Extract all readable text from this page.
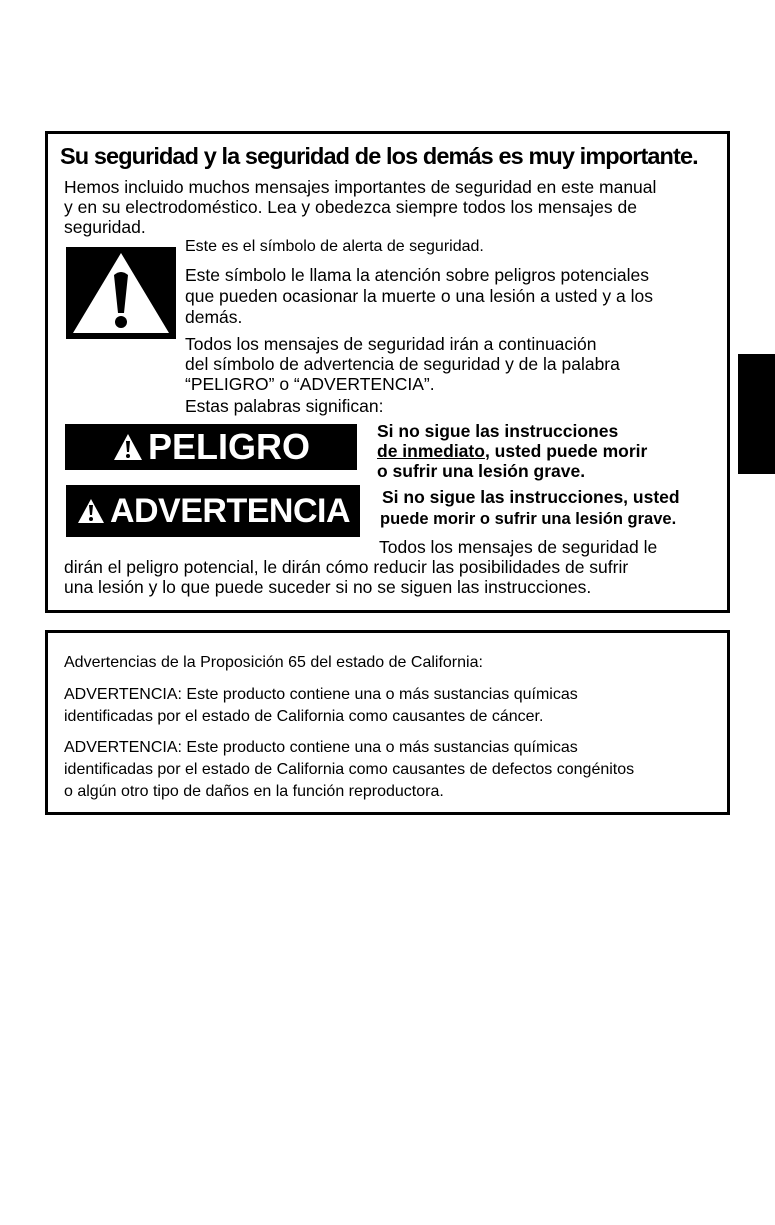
Su seguridad y la seguridad de los demás es muy importante.
Hemos incluido muchos mensajes importantes de seguridad en este manual
y en su electrodoméstico. Lea y obedezca siempre todos los mensajes de
seguridad.
Este es el símbolo de alerta de seguridad.
Este símbolo le llama la atención sobre peligros potenciales
que pueden ocasionar la muerte o una lesión a usted y a los
demás.
Todos los mensajes de seguridad irán a continuación
del símbolo de advertencia de seguridad y de la palabra
“PELIGRO” o “ADVERTENCIA”.
Estas palabras significan:
PELIGRO	Si no sigue las instrucciones
de inmediato, usted puede morir
o sufrir una lesión grave.
ADVERTENCIA Si no sigue las instrucciones, usted
puede morir o sufrir una lesión grave.
Todos los mensajes de seguridad le
dirán el peligro potencial, le dirán cómo reducir las posibilidades de sufrir
una lesión y lo que puede suceder si no se siguen las instrucciones.
Advertencias de la Proposición 65 del estado de California:
ADVERTENCIA: Este producto contiene una o más sustancias químicas
identificadas por el estado de California como causantes de cáncer.
ADVERTENCIA: Este producto contiene una o más sustancias químicas
identificadas por el estado de California como causantes de defectos congénitos
o algún otro tipo de daños en la función reproductora.
